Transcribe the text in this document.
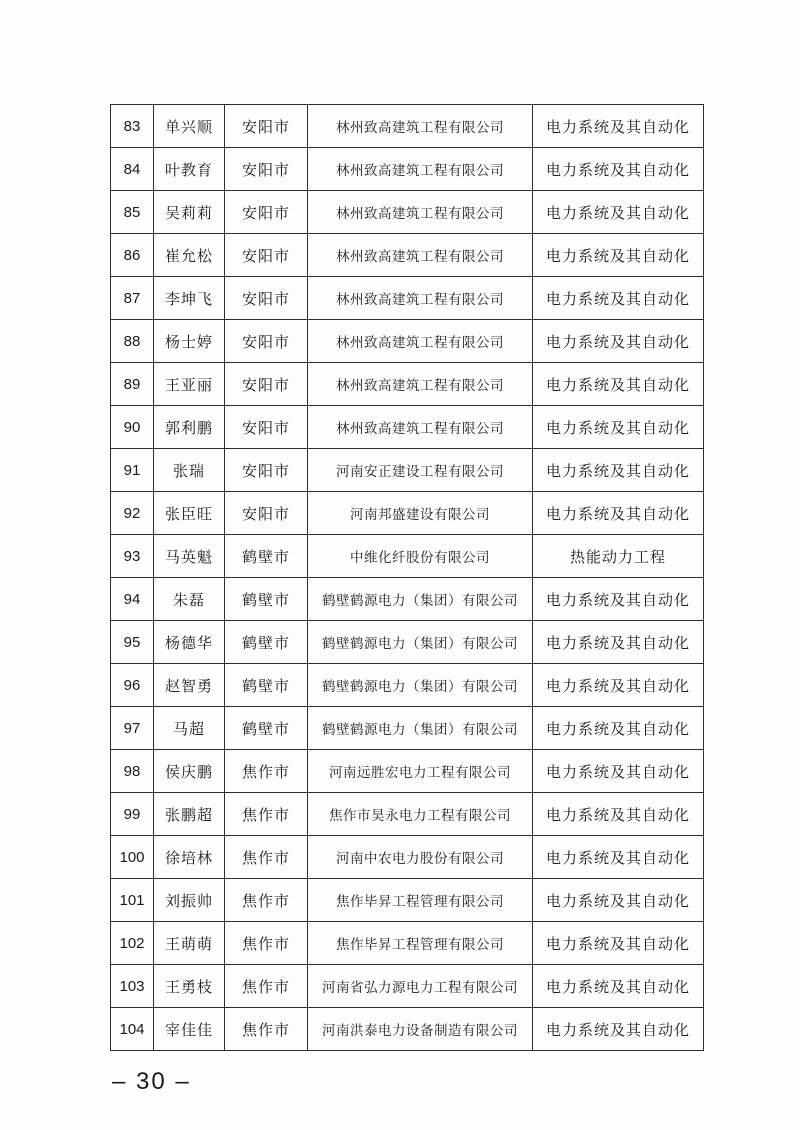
83	单兴顺	安阳市	林州致高建筑工程有限公司	电力系统及其自动化
84	叶教育	安阳市	林州致高建筑工程有限公司	电力系统及其自动化
85	吴莉莉	安阳市	林州致高建筑工程有限公司	电力系统及其自动化
86	崔允松	安阳市	林州致高建筑工程有限公司	电力系统及其自动化
87	李坤飞	安阳市	林州致高建筑工程有限公司	电力系统及其自动化
88	杨士婷	安阳市	林州致高建筑工程有限公司	电力系统及其自动化
89	王亚丽	安阳市	林州致高建筑工程有限公司	电力系统及其自动化
90	郭利鹏	安阳市	林州致高建筑工程有限公司	电力系统及其自动化
91	张瑞	安阳市	河南安正建设工程有限公司	电力系统及其自动化
92	张臣旺	安阳市	河南邦盛建设有限公司	电力系统及其自动化
93	马英魁	鹤壁市	中维化纤股份有限公司	热能动力工程
94	朱磊	鹤壁市	鹤壁鹤源电力（集团）有限公司	电力系统及其自动化
95	杨德华	鹤壁市	鹤壁鹤源电力（集团）有限公司	电力系统及其自动化
96	赵智勇	鹤壁市	鹤壁鹤源电力（集团）有限公司	电力系统及其自动化
97	马超	鹤壁市	鹤壁鹤源电力（集团）有限公司	电力系统及其自动化
98	侯庆鹏	焦作市	河南远胜宏电力工程有限公司	电力系统及其自动化
99	张鹏超	焦作市	焦作市昊永电力工程有限公司	电力系统及其自动化
100	徐培林	焦作市	河南中农电力股份有限公司	电力系统及其自动化
101	刘振帅	焦作市	焦作毕昇工程管理有限公司	电力系统及其自动化
102	王萌萌	焦作市	焦作毕昇工程管理有限公司	电力系统及其自动化
103	王勇枝	焦作市	河南省弘力源电力工程有限公司	电力系统及其自动化
104	宰佳佳	焦作市	河南洪泰电力设备制造有限公司	电力系统及其自动化
– 30 –
